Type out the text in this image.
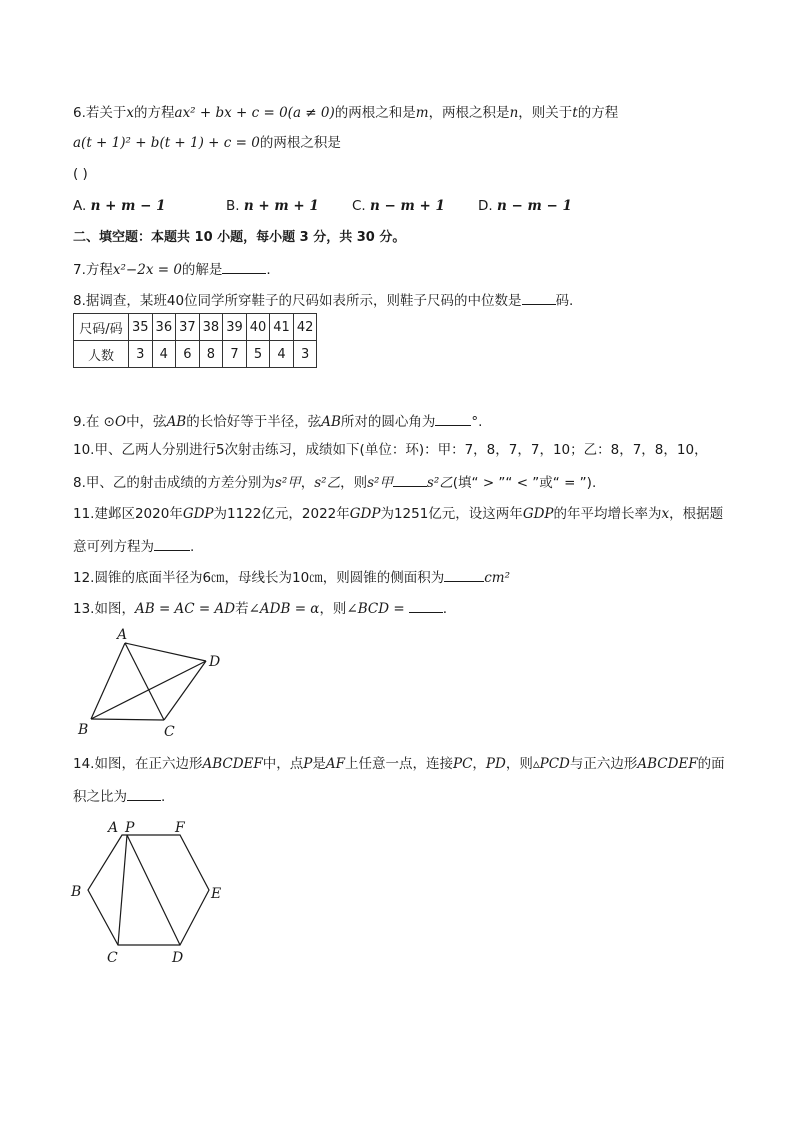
6.若关于x的方程ax² + bx + c = 0(a ≠ 0)的两根之和是m，两根之积是n，则关于t的方程
a(t + 1)² + b(t + 1) + c = 0的两根之积是
( )
A. n + m − 1	B. n + m + 1 C. n − m + 1 D. n − m − 1
二、填空题：本题共 10 小题，每小题 3 分，共 30 分。
7.方程x²−2x = 0的解是	.
8.据调查，某班40位同学所穿鞋子的尺码如表所示，则鞋子尺码的中位数是	码.
尺码/码	35	36	37	38	39	40	41	42
人数	3	4	6	8	7	5	4	3
9.在 ⊙O中，弦AB的长恰好等于半径，弦AB所对的圆心角为	°.
10.甲、乙两人分别进行5次射击练习，成绩如下(单位：环)：甲：7，8，7，7，10；乙：8，7，8，10，
8.甲、乙的射击成绩的方差分别为s²甲，s²乙，则s²甲	s²乙(填“ > ”“ < ”或“ = ”).
11.建邺区2020年GDP为1122亿元，2022年GDP为1251亿元，设这两年GDP的年平均增长率为x，根据题
意可列方程为	.
12.圆锥的底面半径为6㎝，母线长为10㎝，则圆锥的侧面积为	cm²
13.如图，AB = AC = AD若∠ADB = α，则∠BCD =	.
A
B	C
D
14.如图，在正六边形ABCDEF中，点P是AF上任意一点，连接PC，PD，则▵PCD与正六边形ABCDEF的面
积之比为	.
A P	F
B	E
C	D
